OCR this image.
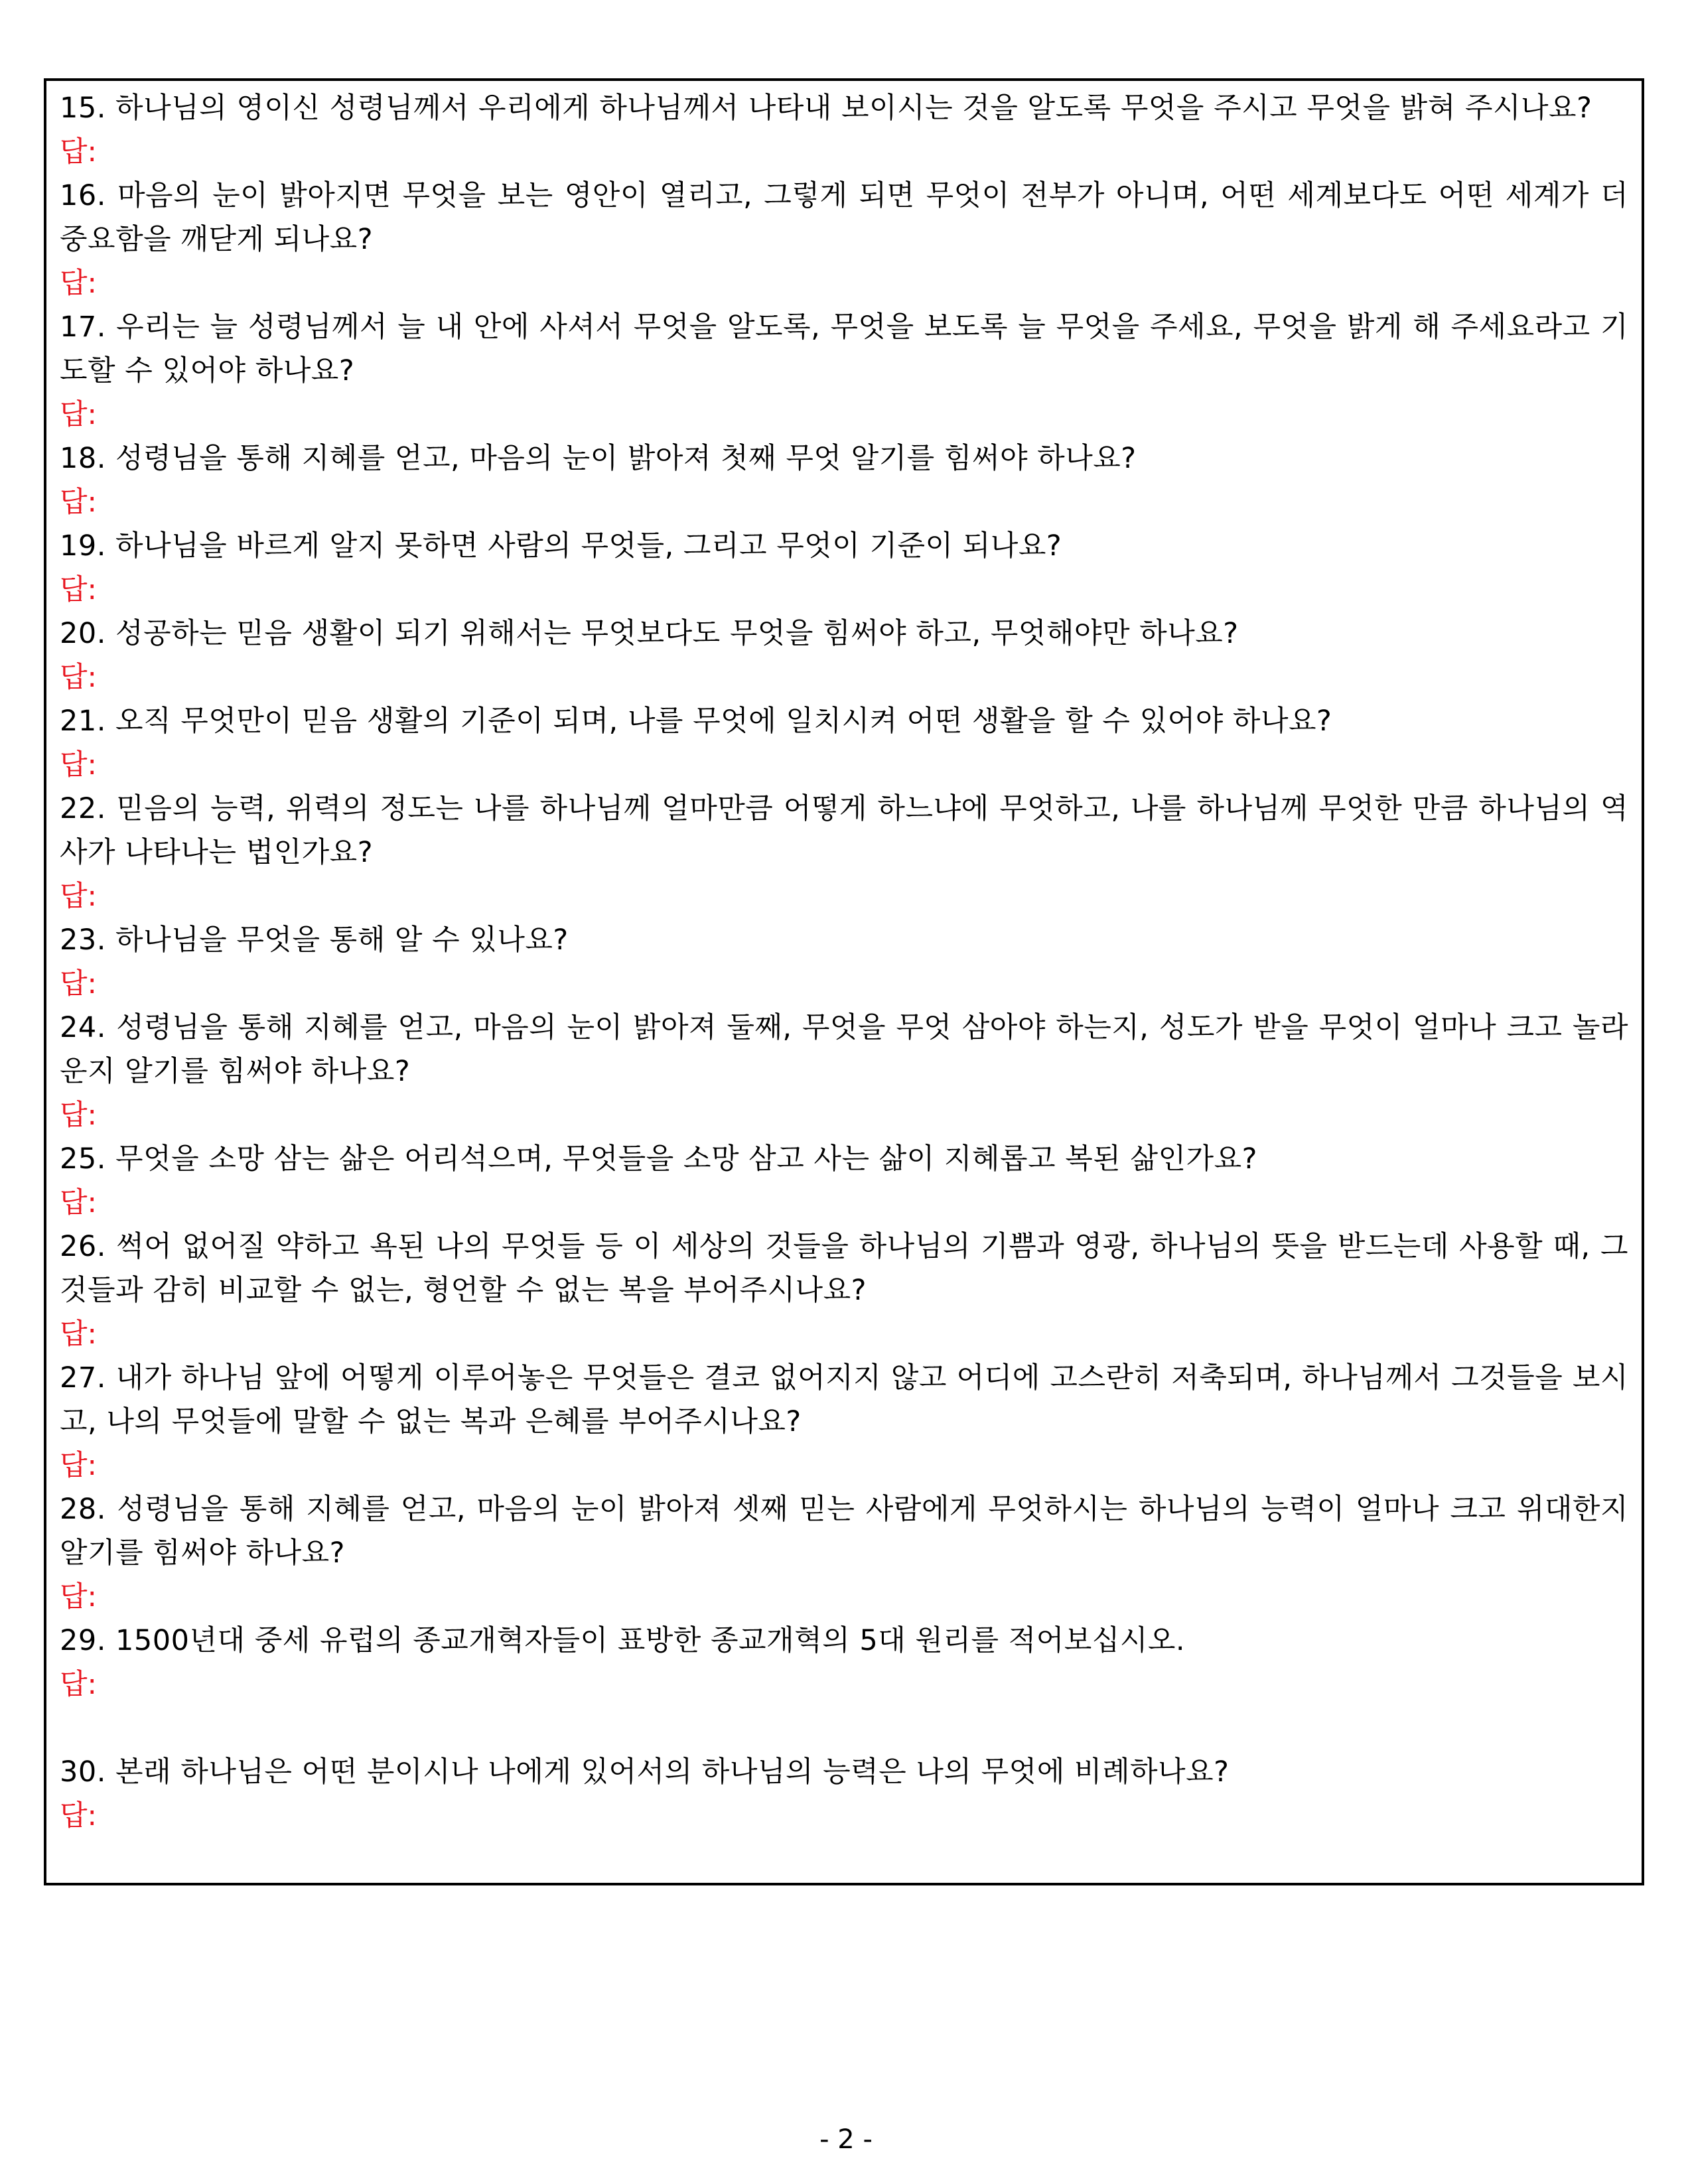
15. 하나님의 영이신 성령님께서 우리에게 하나님께서 나타내 보이시는 것을 알도록 무엇을 주시고 무엇을 밝혀 주시나요?

답:

16. 마음의 눈이 밝아지면 무엇을 보는 영안이 열리고, 그렇게 되면 무엇이 전부가 아니며, 어떤 세계보다도 어떤 세계가 더 중요함을 깨닫게 되나요?

답:

17. 우리는 늘 성령님께서 늘 내 안에 사셔서 무엇을 알도록, 무엇을 보도록 늘 무엇을 주세요, 무엇을 밝게 해 주세요라고 기도할 수 있어야 하나요?

답:

18. 성령님을 통해 지혜를 얻고, 마음의 눈이 밝아져 첫째 무엇 알기를 힘써야 하나요?

답:

19. 하나님을 바르게 알지 못하면 사람의 무엇들, 그리고 무엇이 기준이 되나요?

답:

20. 성공하는 믿음 생활이 되기 위해서는 무엇보다도 무엇을 힘써야 하고, 무엇해야만 하나요?

답:

21. 오직 무엇만이 믿음 생활의 기준이 되며, 나를 무엇에 일치시켜 어떤 생활을 할 수 있어야 하나요?

답:

22. 믿음의 능력, 위력의 정도는 나를 하나님께 얼마만큼 어떻게 하느냐에 무엇하고, 나를 하나님께 무엇한 만큼 하나님의 역사가 나타나는 법인가요?

답:

23. 하나님을 무엇을 통해 알 수 있나요?

답:

24. 성령님을 통해 지혜를 얻고, 마음의 눈이 밝아져 둘째, 무엇을 무엇 삼아야 하는지, 성도가 받을 무엇이 얼마나 크고 놀라운지 알기를 힘써야 하나요?

답:

25. 무엇을 소망 삼는 삶은 어리석으며, 무엇들을 소망 삼고 사는 삶이 지혜롭고 복된 삶인가요?

답:

26. 썩어 없어질 약하고 욕된 나의 무엇들 등 이 세상의 것들을 하나님의 기쁨과 영광, 하나님의 뜻을 받드는데 사용할 때, 그것들과 감히 비교할 수 없는, 형언할 수 없는 복을 부어주시나요?

답:

27. 내가 하나님 앞에 어떻게 이루어놓은 무엇들은 결코 없어지지 않고 어디에 고스란히 저축되며, 하나님께서 그것들을 보시고, 나의 무엇들에 말할 수 없는 복과 은혜를 부어주시나요?

답:

28. 성령님을 통해 지혜를 얻고, 마음의 눈이 밝아져 셋째 믿는 사람에게 무엇하시는 하나님의 능력이 얼마나 크고 위대한지 알기를 힘써야 하나요?

답:

29. 1500년대 중세 유럽의 종교개혁자들이 표방한 종교개혁의 5대 원리를 적어보십시오.

답:

30. 본래 하나님은 어떤 분이시나 나에게 있어서의 하나님의 능력은 나의 무엇에 비례하나요?

답:

- 2 -
